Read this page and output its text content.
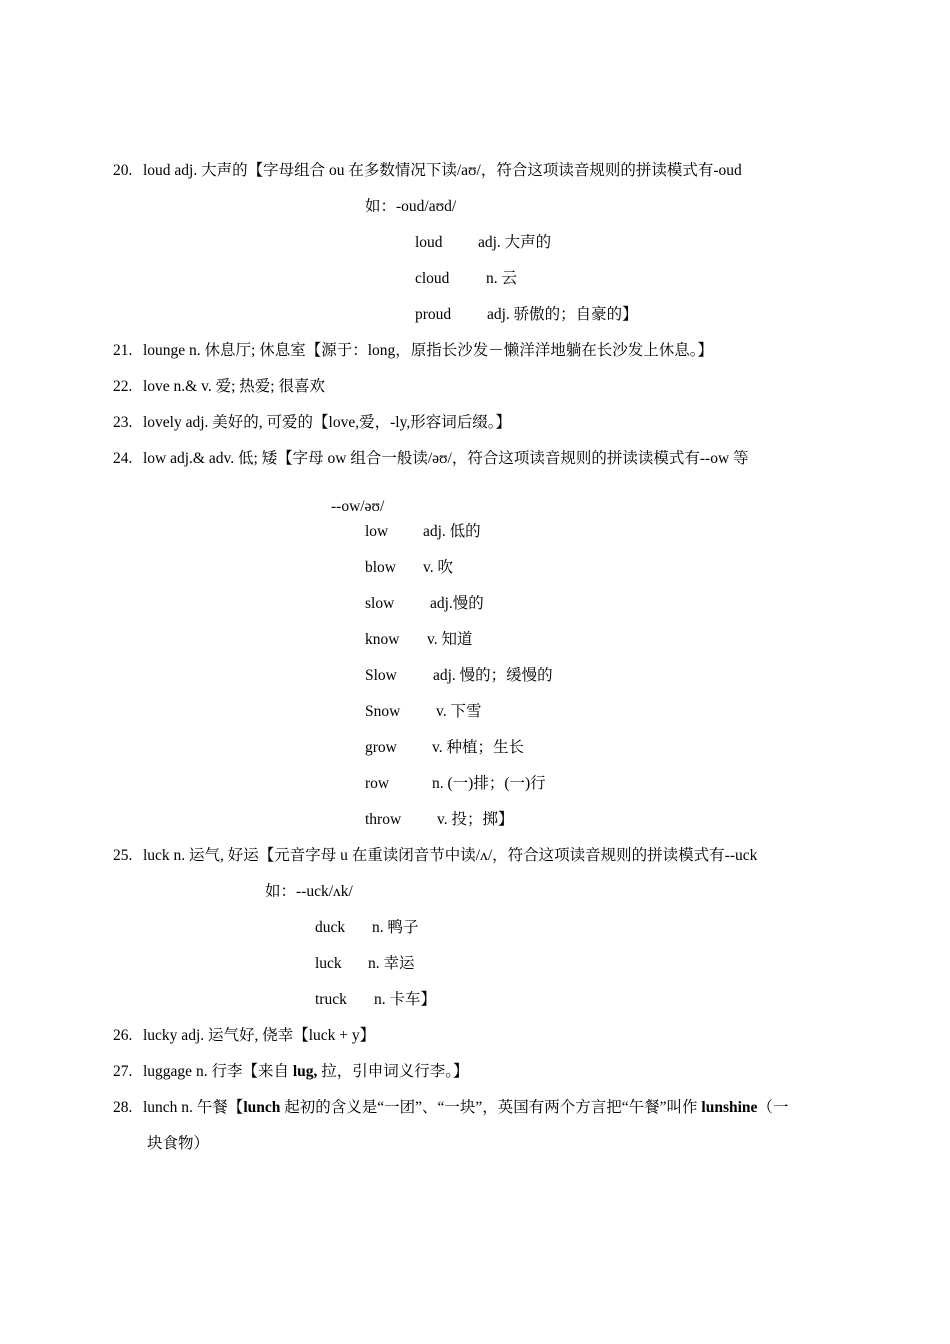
20. loud adj. 大声的【字母组合 ou 在多数情况下读/aʊ/，符合这项读音规则的拼读模式有-oud
如：-oud/aʊd/
loud adj. 大声的
cloud n. 云
proud adj. 骄傲的；自豪的】
21. lounge n. 休息厅; 休息室【源于：long，原指长沙发－懒洋洋地躺在长沙发上休息。】
22. love n.& v. 爱; 热爱; 很喜欢
23. lovely adj. 美好的, 可爱的【love,爱，-ly,形容词后缀。】
24. low adj.& adv. 低; 矮【字母 ow 组合一般读/əʊ/，符合这项读音规则的拼读读模式有--ow 等
--ow/əʊ/
low adj. 低的
blow v. 吹
slow adj.慢的
know v. 知道
Slow adj. 慢的；缓慢的
Snow v. 下雪
grow v. 种植；生长
row	n. (一)排；(一)行
throw v. 投；掷】
25. luck n. 运气, 好运【元音字母 u 在重读闭音节中读/ʌ/，符合这项读音规则的拼读模式有--uck
如：--uck/ʌk/
duck n. 鸭子
luck n. 幸运
truck n. 卡车】
26. lucky adj. 运气好, 侥幸【luck + y】
27. luggage n. 行李【来自 lug, 拉，引申词义行李。】
28. lunch n. 午餐【lunch 起初的含义是“一团”、“一块”，英国有两个方言把“午餐”叫作 lunshine（一
块食物）
